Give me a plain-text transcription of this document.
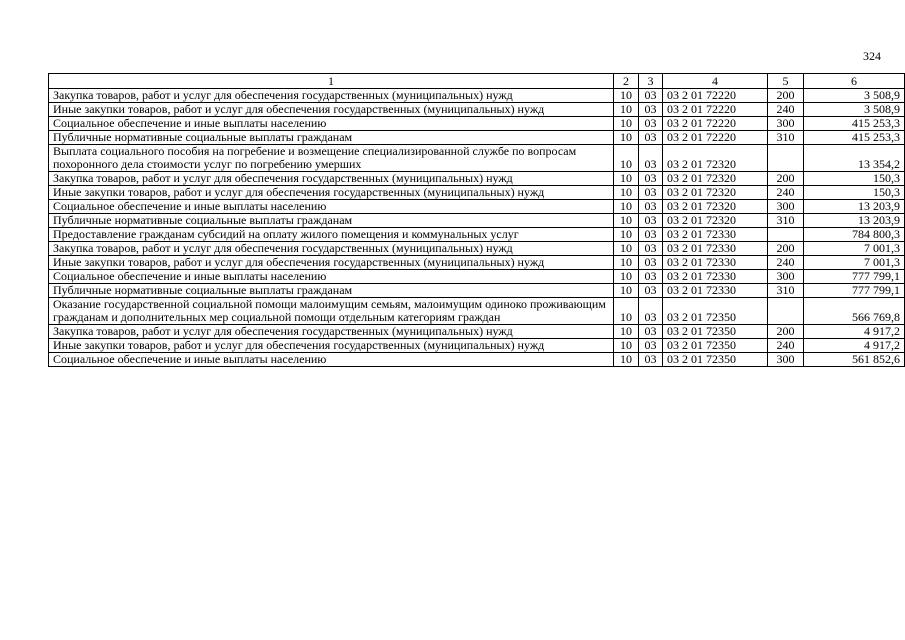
324
1	2	3	4	5	6
Закупка товаров, работ и услуг для обеспечения государственных (муниципальных) нужд	10	03	03 2 01 72220	200	3 508,9
Иные закупки товаров, работ и услуг для обеспечения государственных (муниципальных) нужд	10	03	03 2 01 72220	240	3 508,9
Социальное обеспечение и иные выплаты населению	10	03	03 2 01 72220	300	415 253,3
Публичные нормативные социальные выплаты гражданам	10	03	03 2 01 72220	310	415 253,3
Выплата социального пособия на погребение и возмещение специализированной службе по вопросам похоронного дела стоимости услуг по погребению умерших	10	03	03 2 01 72320		13 354,2
Закупка товаров, работ и услуг для обеспечения государственных (муниципальных) нужд	10	03	03 2 01 72320	200	150,3
Иные закупки товаров, работ и услуг для обеспечения государственных (муниципальных) нужд	10	03	03 2 01 72320	240	150,3
Социальное обеспечение и иные выплаты населению	10	03	03 2 01 72320	300	13 203,9
Публичные нормативные социальные выплаты гражданам	10	03	03 2 01 72320	310	13 203,9
Предоставление гражданам субсидий на оплату жилого помещения и коммунальных услуг	10	03	03 2 01 72330		784 800,3
Закупка товаров, работ и услуг для обеспечения государственных (муниципальных) нужд	10	03	03 2 01 72330	200	7 001,3
Иные закупки товаров, работ и услуг для обеспечения государственных (муниципальных) нужд	10	03	03 2 01 72330	240	7 001,3
Социальное обеспечение и иные выплаты населению	10	03	03 2 01 72330	300	777 799,1
Публичные нормативные социальные выплаты гражданам	10	03	03 2 01 72330	310	777 799,1
Оказание государственной социальной помощи малоимущим семьям, малоимущим одиноко проживающим гражданам и дополнительных мер социальной помощи отдельным категориям граждан	10	03	03 2 01 72350		566 769,8
Закупка товаров, работ и услуг для обеспечения государственных (муниципальных) нужд	10	03	03 2 01 72350	200	4 917,2
Иные закупки товаров, работ и услуг для обеспечения государственных (муниципальных) нужд	10	03	03 2 01 72350	240	4 917,2
Социальное обеспечение и иные выплаты населению	10	03	03 2 01 72350	300	561 852,6
